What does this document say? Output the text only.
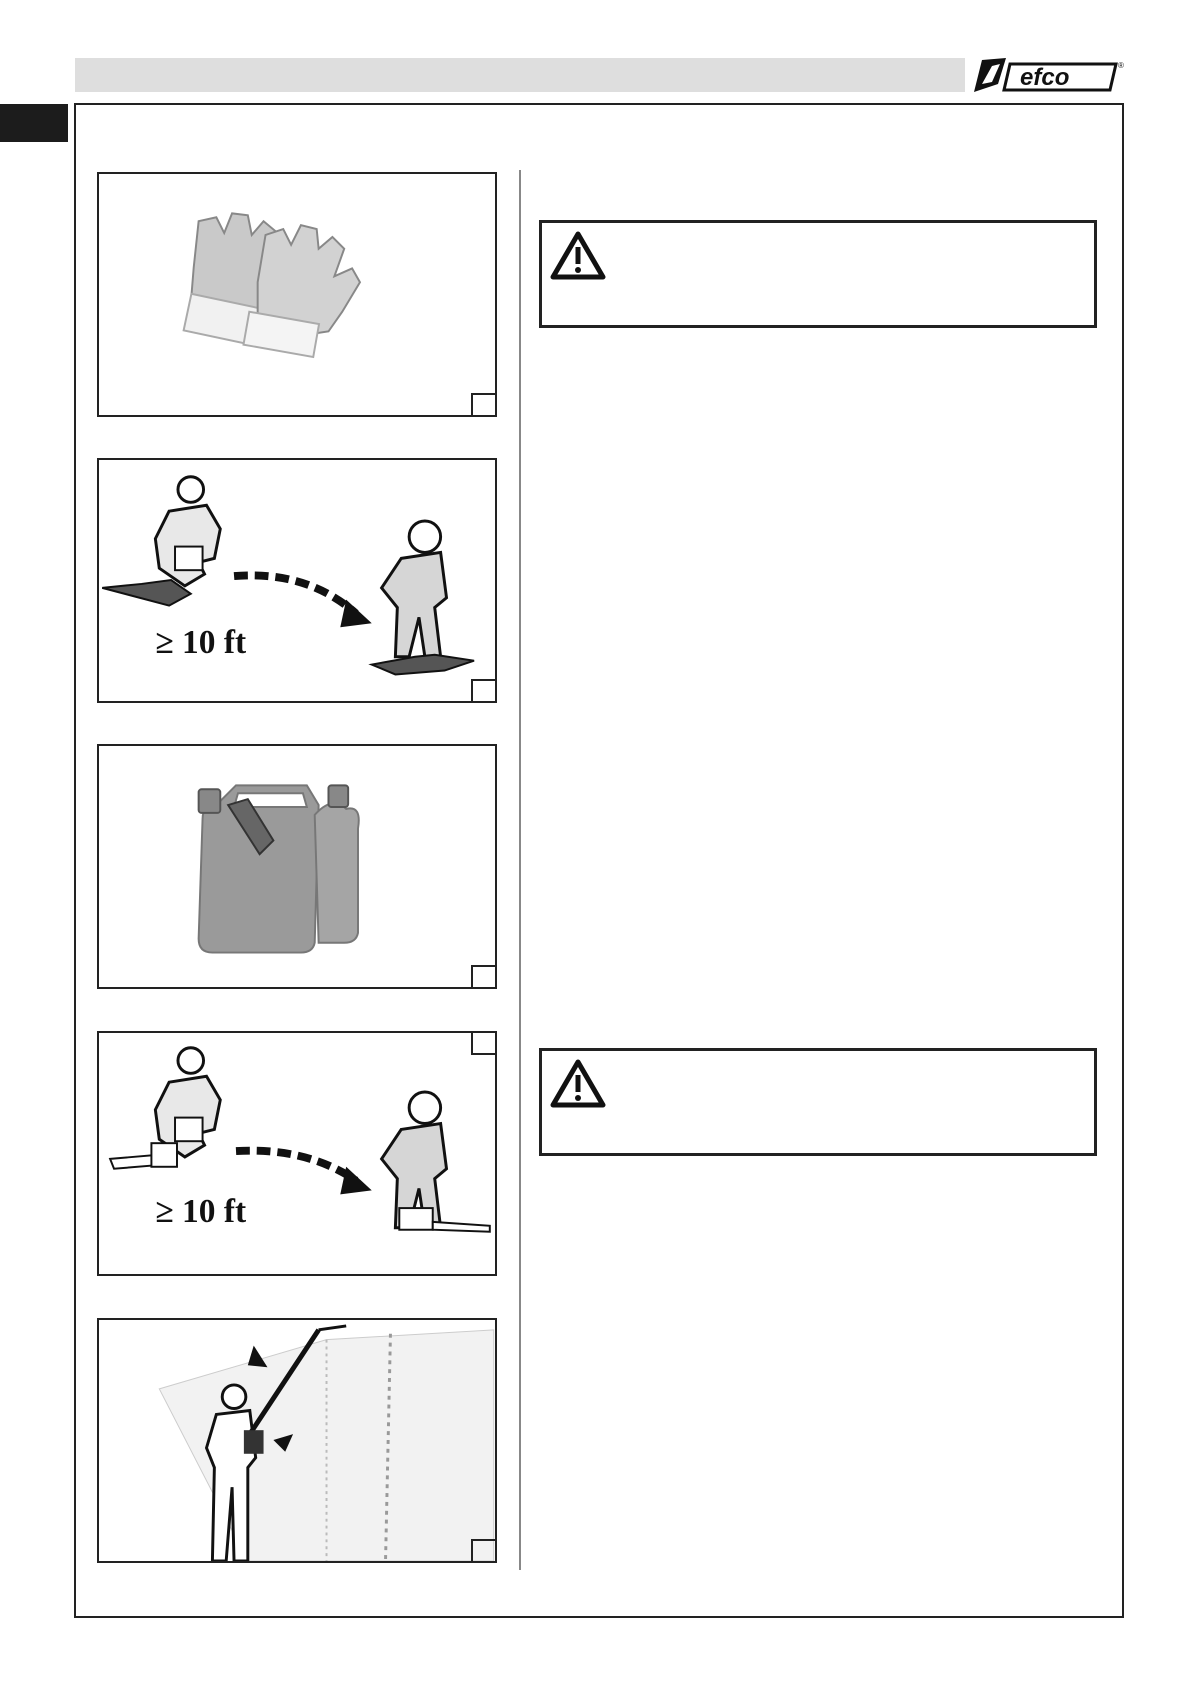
efco	®
≥ 10 ft
≥ 10 ft
